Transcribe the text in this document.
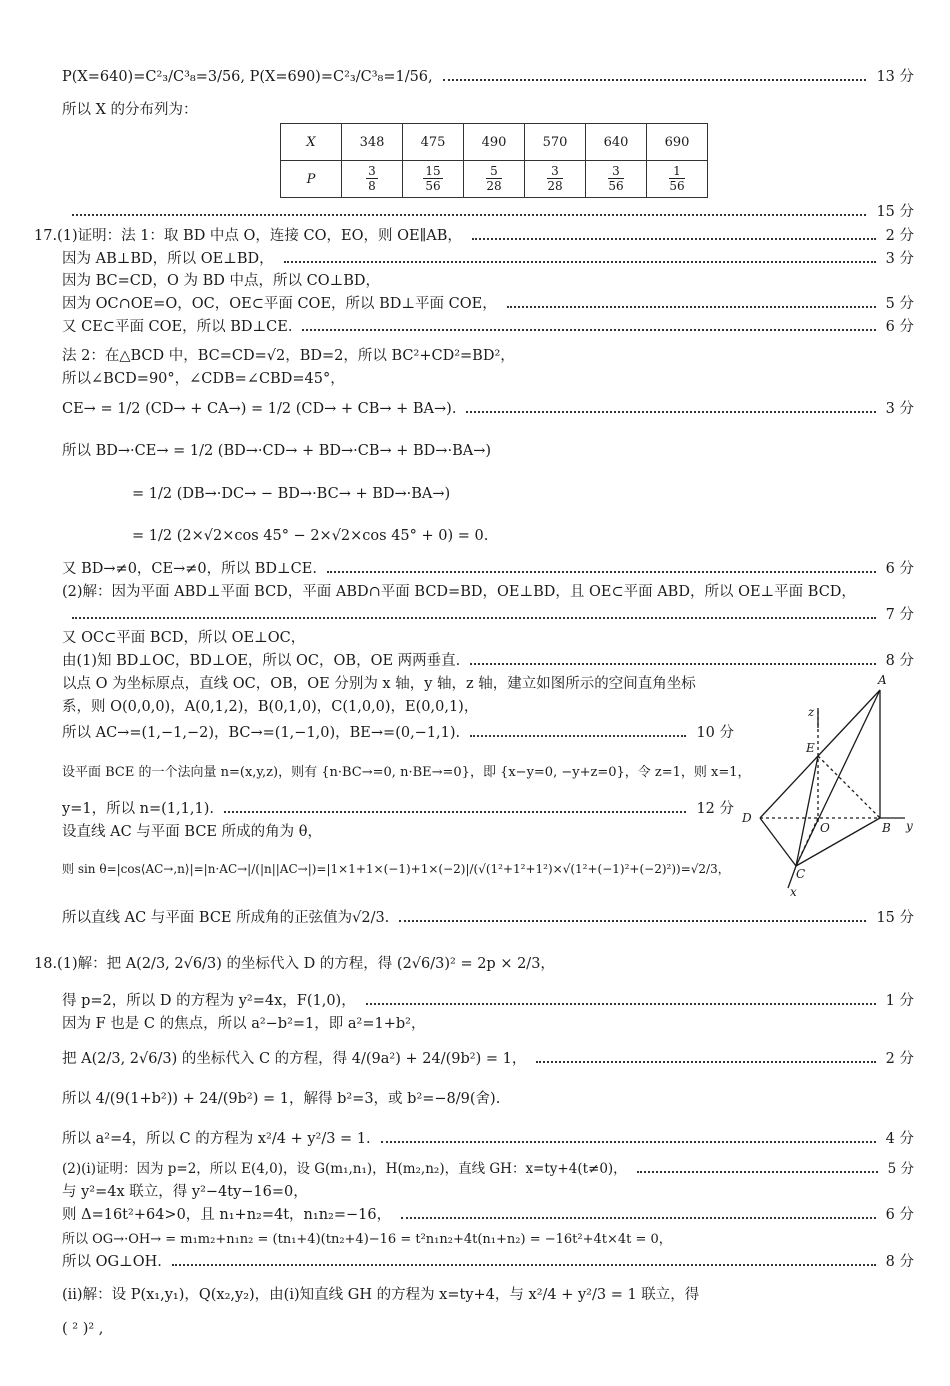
P(X=640)=C²₃/C³₈=3/56, P(X=690)=C²₃/C³₈=1/56,	13 分
所以 X 的分布列为：
X	348	475	490	570	640	690
P	$\frac{3}{8}$	$\frac{15}{56}$	$\frac{5}{28}$	$\frac{3}{28}$	$\frac{3}{56}$	$\frac{1}{56}$
15 分
17.(1)证明：法 1：取 BD 中点 O，连接 CO，EO，则 OE∥AB，	2 分
因为 AB⊥BD，所以 OE⊥BD，	3 分
因为 BC=CD，O 为 BD 中点，所以 CO⊥BD，
因为 OC∩OE=O，OC，OE⊂平面 COE，所以 BD⊥平面 COE，	5 分
又 CE⊂平面 COE，所以 BD⊥CE.	6 分
法 2：在△BCD 中，BC=CD=√2，BD=2，所以 BC²+CD²=BD²，
所以∠BCD=90°，∠CDB=∠CBD=45°，
CE→ = 1/2 (CD→ + CA→) = 1/2 (CD→ + CB→ + BA→).	3 分
所以 BD→·CE→ = 1/2 (BD→·CD→ + BD→·CB→ + BD→·BA→)
= 1/2 (DB→·DC→ − BD→·BC→ + BD→·BA→)
= 1/2 (2×√2×cos 45° − 2×√2×cos 45° + 0) = 0.
又 BD→≠0，CE→≠0，所以 BD⊥CE.	6 分
(2)解：因为平面 ABD⊥平面 BCD，平面 ABD∩平面 BCD=BD，OE⊥BD，且 OE⊂平面 ABD，所以 OE⊥平面 BCD，
7 分
又 OC⊂平面 BCD，所以 OE⊥OC，
由(1)知 BD⊥OC，BD⊥OE，所以 OC，OB，OE 两两垂直.	8 分
以点 O 为坐标原点，直线 OC，OB，OE 分别为 x 轴，y 轴，z 轴，建立如图所示的空间直角坐标
系，则 O(0,0,0)，A(0,1,2)，B(0,1,0)，C(1,0,0)，E(0,0,1)，
所以 AC→=(1,−1,−2)，BC→=(1,−1,0)，BE→=(0,−1,1).	10 分
设平面 BCE 的一个法向量 n=(x,y,z)，则有 {n·BC→=0, n·BE→=0}，即 {x−y=0, −y+z=0}，令 z=1，则 x=1，
y=1，所以 n=(1,1,1).	12 分
设直线 AC 与平面 BCE 所成的角为 θ，
则 sin θ=|cos⟨AC→,n⟩|=|n·AC→|/(|n||AC→|)=|1×1+1×(−1)+1×(−2)|/(√(1²+1²+1²)×√(1²+(−1)²+(−2)²))=√2/3，
所以直线 AC 与平面 BCE 所成角的正弦值为√2/3.	15 分
18.(1)解：把 A(2/3, 2√6/3) 的坐标代入 D 的方程，得 (2√6/3)² = 2p × 2/3，
得 p=2，所以 D 的方程为 y²=4x，F(1,0)，	1 分
因为 F 也是 C 的焦点，所以 a²−b²=1，即 a²=1+b²，
把 A(2/3, 2√6/3) 的坐标代入 C 的方程，得 4/(9a²) + 24/(9b²) = 1，	2 分
所以 4/(9(1+b²)) + 24/(9b²) = 1，解得 b²=3，或 b²=−8/9(舍).
所以 a²=4，所以 C 的方程为 x²/4 + y²/3 = 1.	4 分
(2)(ⅰ)证明：因为 p=2，所以 E(4,0)，设 G(m₁,n₁)，H(m₂,n₂)，直线 GH：x=ty+4(t≠0)，	5 分
与 y²=4x 联立，得 y²−4ty−16=0，
则 Δ=16t²+64>0，且 n₁+n₂=4t，n₁n₂=−16，	6 分
所以 OG→·OH→ = m₁m₂+n₁n₂ = (tn₁+4)(tn₂+4)−16 = t²n₁n₂+4t(n₁+n₂) = −16t²+4t×4t = 0，
所以 OG⊥OH.	8 分
(ⅱ)解：设 P(x₁,y₁)，Q(x₂,y₂)，由(ⅰ)知直线 GH 的方程为 x=ty+4，与 x²/4 + y²/3 = 1 联立，得
( ² )² ,
A
E
D
O	B
C
z
y
x
